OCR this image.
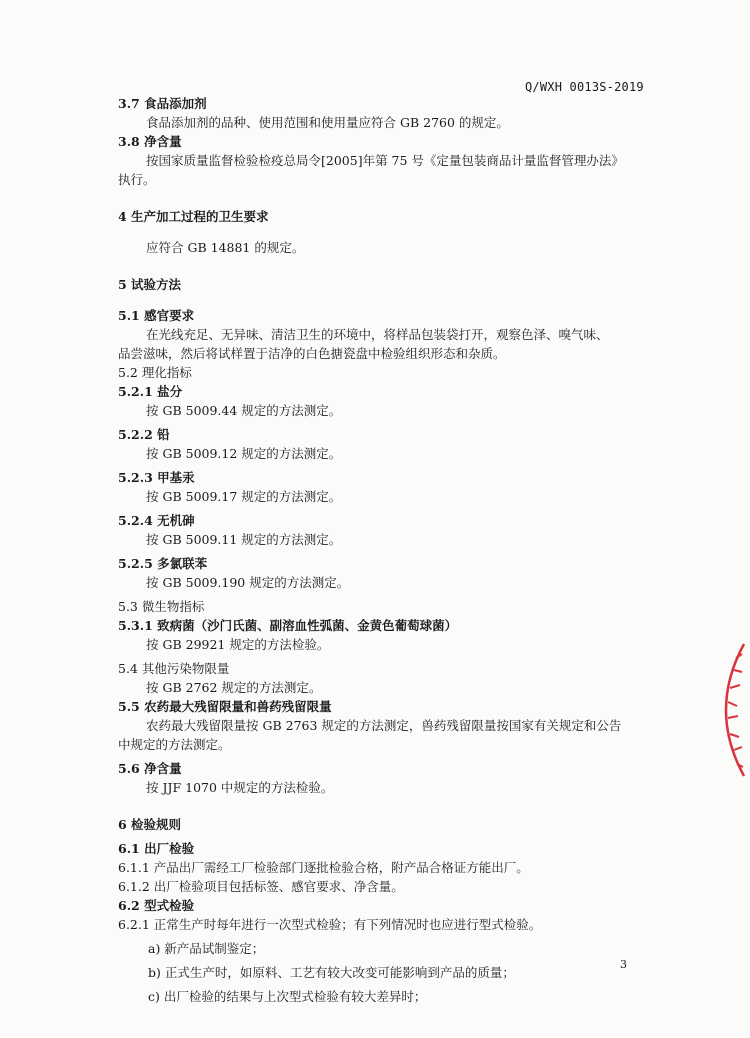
Q/WXH 0013S-2019
3.7 食品添加剂
食品添加剂的品种、使用范围和使用量应符合 GB 2760 的规定。
3.8 净含量
按国家质量监督检验检疫总局令[2005]年第 75 号《定量包装商品计量监督管理办法》
执行。
4 生产加工过程的卫生要求
应符合 GB 14881 的规定。
5 试验方法
5.1 感官要求
在光线充足、无异味、清洁卫生的环境中，将样品包装袋打开，观察色泽、嗅气味、
品尝滋味，然后将试样置于洁净的白色搪瓷盘中检验组织形态和杂质。
5.2 理化指标
5.2.1 盐分
按 GB 5009.44 规定的方法测定。
5.2.2 铅
按 GB 5009.12 规定的方法测定。
5.2.3 甲基汞
按 GB 5009.17 规定的方法测定。
5.2.4 无机砷
按 GB 5009.11 规定的方法测定。
5.2.5 多氯联苯
按 GB 5009.190 规定的方法测定。
5.3 微生物指标
5.3.1 致病菌（沙门氏菌、副溶血性弧菌、金黄色葡萄球菌）
按 GB 29921 规定的方法检验。
5.4 其他污染物限量
按 GB 2762 规定的方法测定。
5.5 农药最大残留限量和兽药残留限量
农药最大残留限量按 GB 2763 规定的方法测定，兽药残留限量按国家有关规定和公告
中规定的方法测定。
5.6 净含量
按 JJF 1070 中规定的方法检验。
6 检验规则
6.1 出厂检验
6.1.1 产品出厂需经工厂检验部门逐批检验合格，附产品合格证方能出厂。
6.1.2 出厂检验项目包括标签、感官要求、净含量。
6.2 型式检验
6.2.1 正常生产时每年进行一次型式检验；有下列情况时也应进行型式检验。
a) 新产品试制鉴定；
b) 正式生产时，如原料、工艺有较大改变可能影响到产品的质量；
c) 出厂检验的结果与上次型式检验有较大差异时；
3
